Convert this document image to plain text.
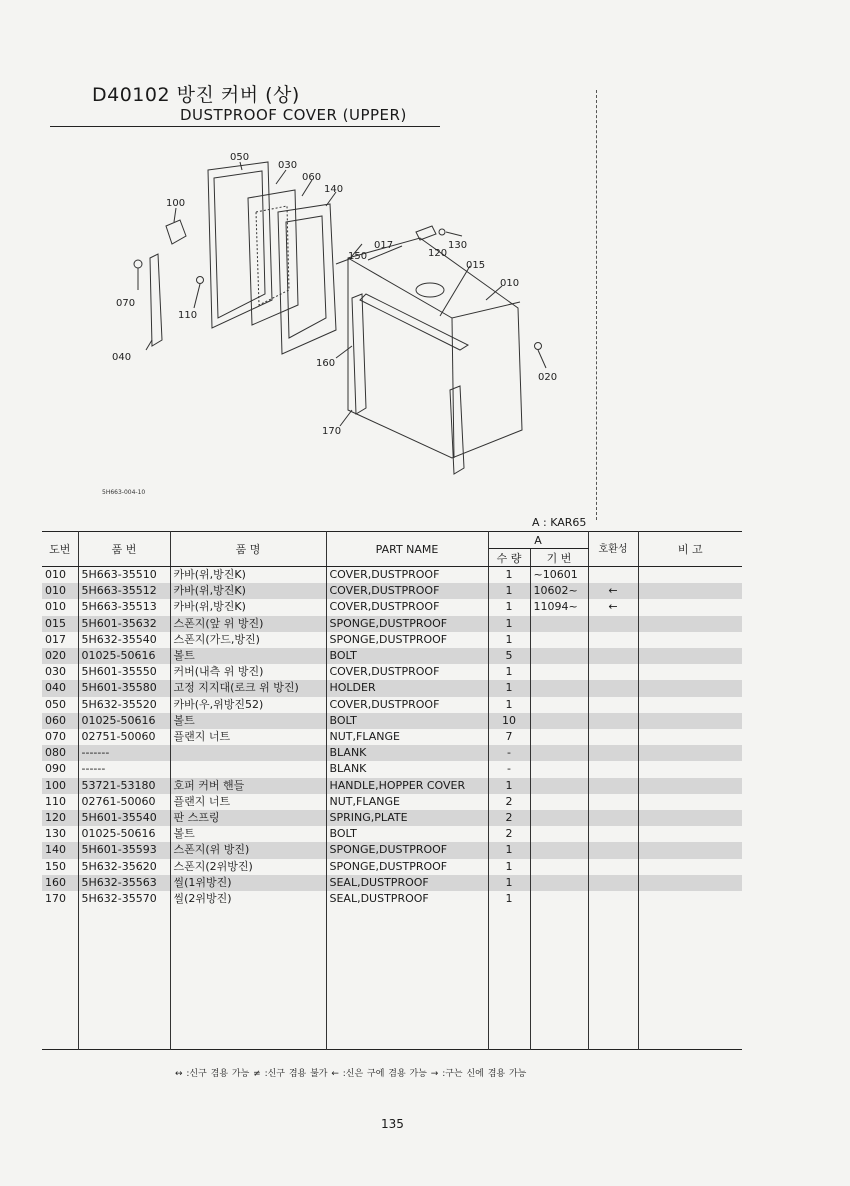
D40102 방진 커버 (상)
DUSTPROOF COVER (UPPER)
050
030
060
140
100
017	130
120
015
150
010
070
110
040
160
020
170
5H663-004-10
A : KAR65
도번	품 번	품 명	PART NAME	A		호환성	비 고
				수 량	기 번		
010	5H663-35510	카바(위,방진K)	COVER,DUSTPROOF	1	~10601		
010	5H663-35512	카바(위,방진K)	COVER,DUSTPROOF	1	10602~	←	
010	5H663-35513	카바(위,방진K)	COVER,DUSTPROOF	1	11094~	←	
015	5H601-35632	스폰지(앞 위 방진)	SPONGE,DUSTPROOF	1			
017	5H632-35540	스폰지(가드,방진)	SPONGE,DUSTPROOF	1			
020	01025-50616	볼트	BOLT	5			
030	5H601-35550	커버(내측 위 방진)	COVER,DUSTPROOF	1			
040	5H601-35580	고정 지지대(로크 위 방진)	HOLDER	1			
050	5H632-35520	카바(우,위방진52)	COVER,DUSTPROOF	1			
060	01025-50616	볼트	BOLT	10			
070	02751-50060	플랜지 너트	NUT,FLANGE	7			
080	-------		BLANK	-			
090	------		BLANK	-			
100	53721-53180	호퍼 커버 핸들	HANDLE,HOPPER COVER	1			
110	02761-50060	플랜지 너트	NUT,FLANGE	2			
120	5H601-35540	판 스프링	SPRING,PLATE	2			
130	01025-50616	볼트	BOLT	2			
140	5H601-35593	스폰지(위 방진)	SPONGE,DUSTPROOF	1			
150	5H632-35620	스폰지(2위방진)	SPONGE,DUSTPROOF	1			
160	5H632-35563	씰(1위방진)	SEAL,DUSTPROOF	1			
170	5H632-35570	씰(2위방진)	SEAL,DUSTPROOF	1			

↔ :신구 겸용 가능 ≠ :신구 겸용 불가 ← :신은 구에 겸용 가능 → :구는 신에 겸용 가능
135
